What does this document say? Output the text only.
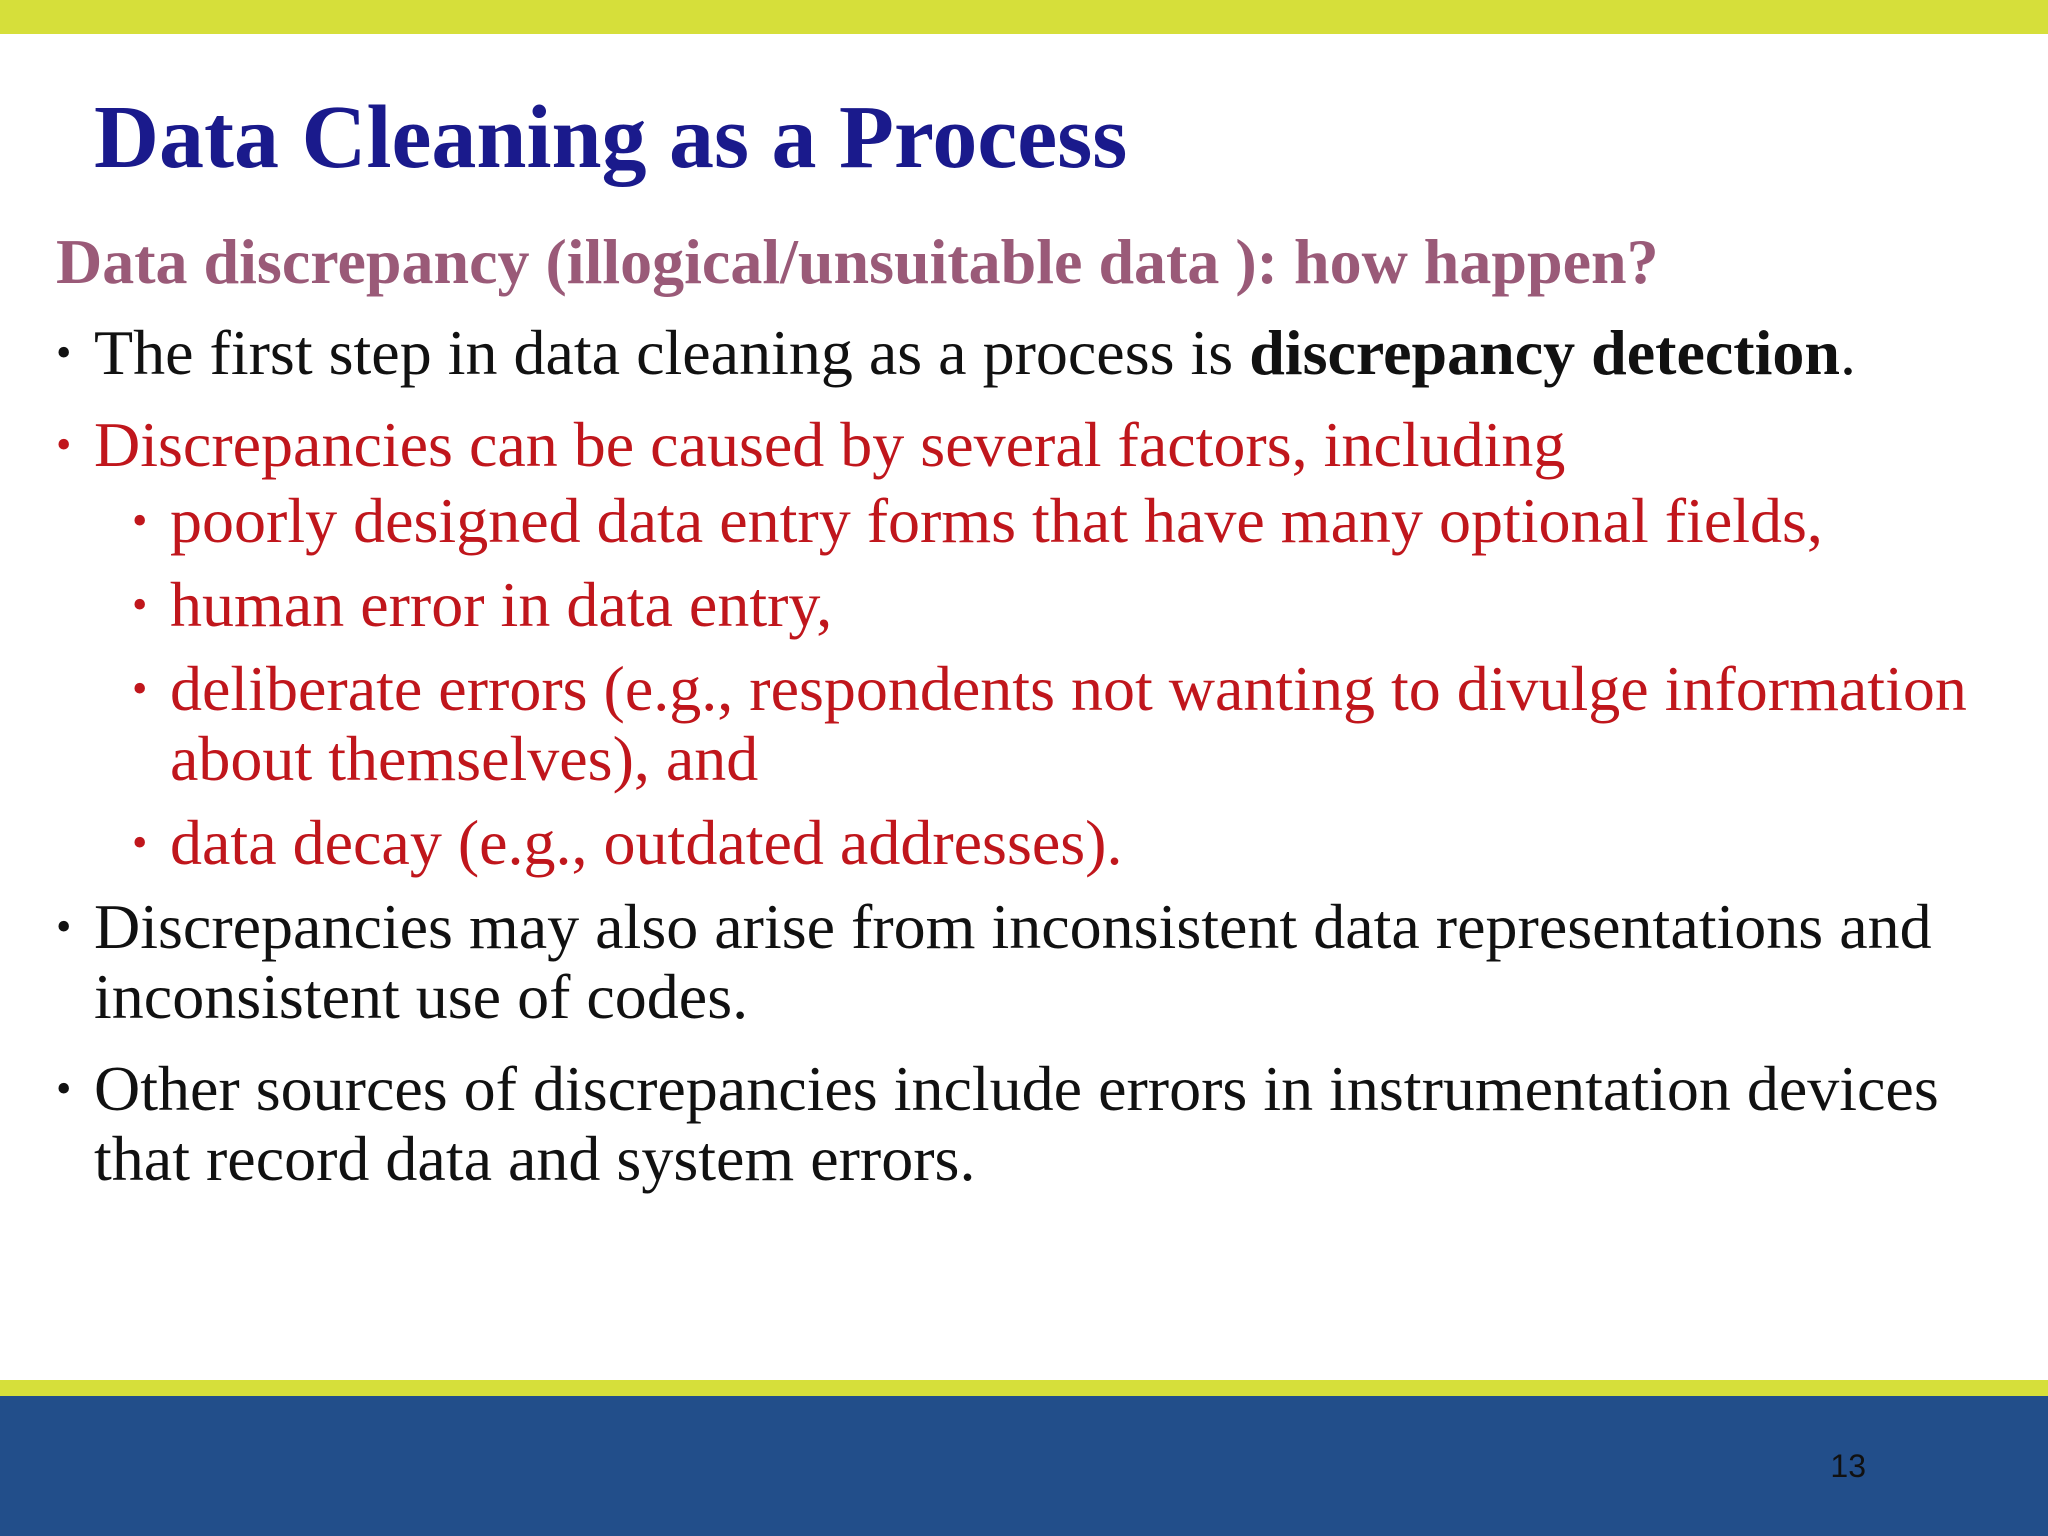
Data Cleaning as a Process
Data discrepancy (illogical/unsuitable data ): how happen?
• The first step in data cleaning as a process is discrepancy detection.
• Discrepancies can be caused by several factors, including
• poorly designed data entry forms that have many optional fields,
• human error in data entry,
• deliberate errors (e.g., respondents not wanting to divulge information about themselves), and
• data decay (e.g., outdated addresses).
• Discrepancies may also arise from inconsistent data representations and inconsistent use of codes.
• Other sources of discrepancies include errors in instrumentation devices that record data and system errors.
13
